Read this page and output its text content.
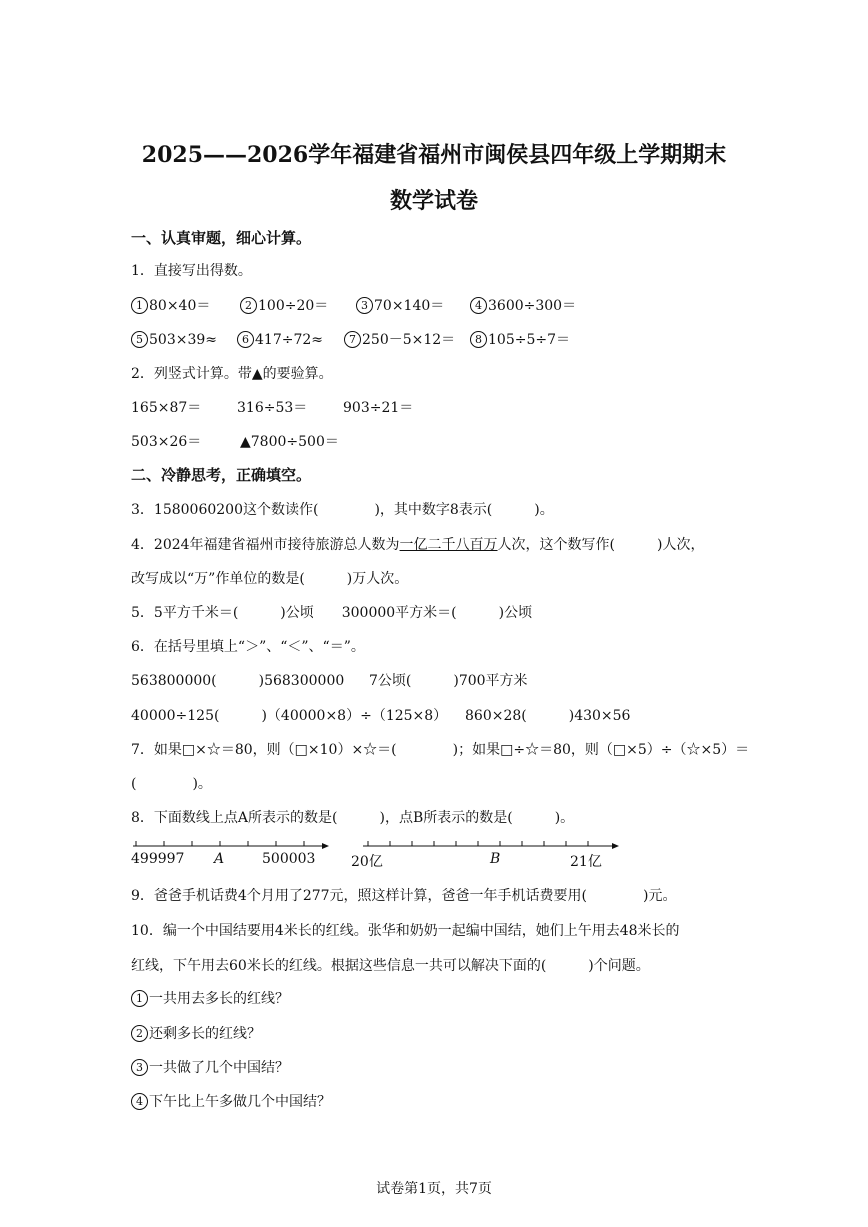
2025——2026学年福建省福州市闽侯县四年级上学期期末
数学试卷
一、认真审题，细心计算。
1．直接写出得数。
1 80×40＝	2 100÷20＝	3 70×140＝	4 3600÷300＝
5 503×39≈	6 417÷72≈	7 250－5×12＝	8 105÷5÷7＝
2．列竖式计算。带▲的要验算。
165×87＝	316÷53＝	903÷21＝
503×26＝	▲7800÷500＝
二、冷静思考，正确填空。
3．1580060200这个数读作(　　　　)，其中数字8表示(　　　)。
4．2024年福建省福州市接待旅游总人数为一亿二千八百万人次，这个数写作(　　　)人次，
改写成以“万”作单位的数是(　　　)万人次。
5．5平方千米＝(　　　)公顷　　300000平方米＝(　　　)公顷
6．在括号里填上“＞”、“＜”、“＝”。
563800000(　　　)568300000 7公顷(　　　)700平方米
40000÷125(　　　)（40000×8）÷（125×8） 860×28(　　　)430×56
7．如果□×☆＝80，则（□×10）×☆＝(　　　　)；如果□÷☆＝80，则（□×5）÷（☆×5）＝
(　　　　)。
8．下面数线上点A所表示的数是(　　　)，点B所表示的数是(　　　)。
499997 A	500003	20亿	B	21亿
9．爸爸手机话费4个月用了277元，照这样计算，爸爸一年手机话费要用(　　　　)元。
10．编一个中国结要用4米长的红线。张华和奶奶一起编中国结，她们上午用去48米长的
红线，下午用去60米长的红线。根据这些信息一共可以解决下面的(　　　)个问题。
1 一共用去多长的红线？
2 还剩多长的红线？
3 一共做了几个中国结？
4 下午比上午多做几个中国结？
试卷第1页，共7页
